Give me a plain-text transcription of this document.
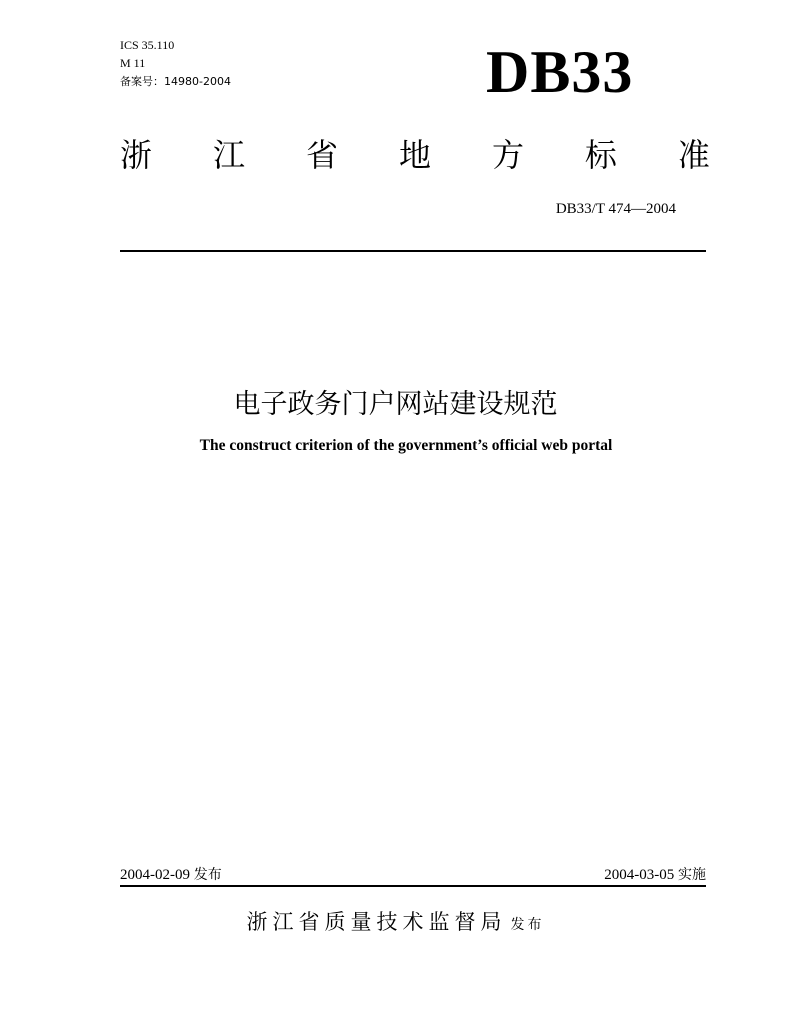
ICS 35.110
M 11
备案号：14980-2004	DB33
浙 江 省 地 方 标 准
DB33/T 474—2004
电子政务门户网站建设规范
The construct criterion of the government’s official web portal
2004-02-09 发布	2004-03-05 实施
浙江省质量技术监督局 发布
